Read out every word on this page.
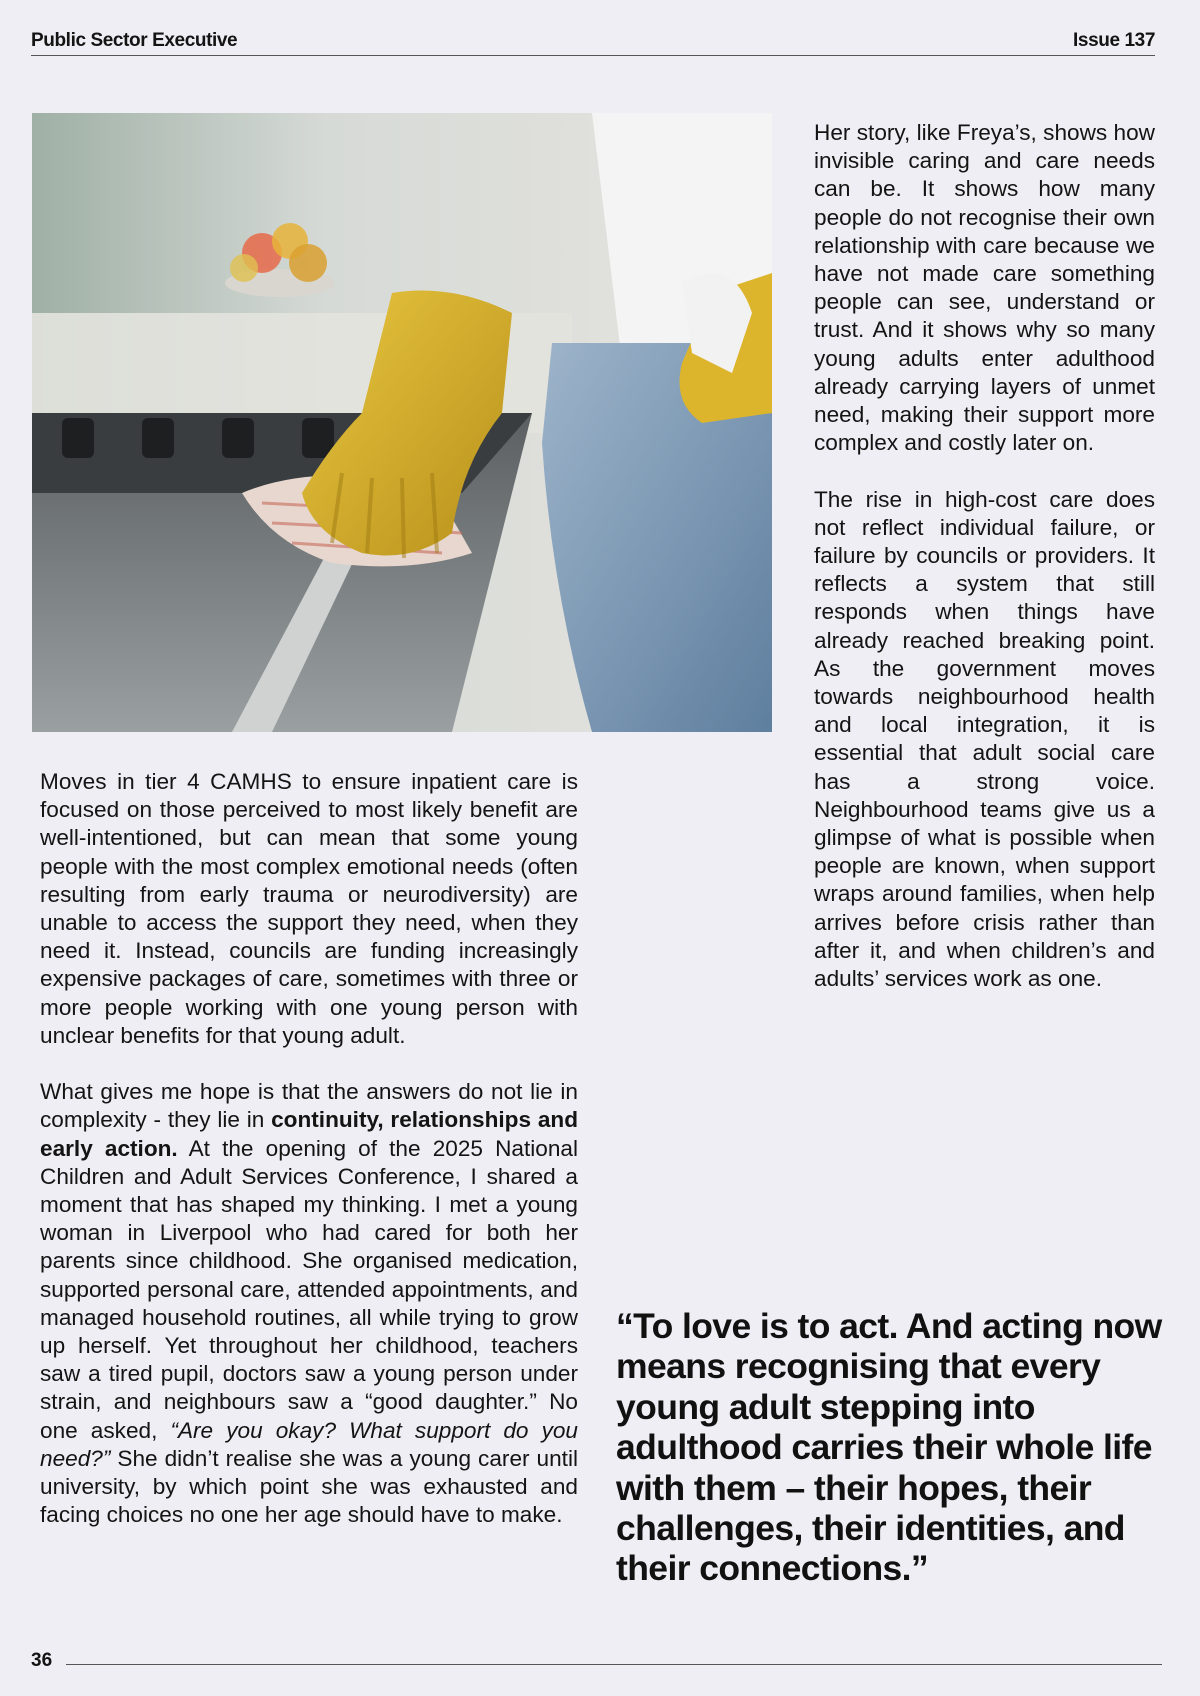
Public Sector Executive	Issue 137

Moves in tier 4 CAMHS to ensure inpatient care is focused on those perceived to most likely benefit are well-intentioned, but can mean that some young people with the most complex emotional needs (often resulting from early trauma or neurodiversity) are unable to access the support they need, when they need it. Instead, councils are funding increasingly expensive packages of care, sometimes with three or more people working with one young person with unclear benefits for that young adult.

What gives me hope is that the answers do not lie in complexity - they lie in continuity, relationships and early action. At the opening of the 2025 National Children and Adult Services Conference, I shared a moment that has shaped my thinking. I met a young woman in Liverpool who had cared for both her parents since childhood. She organised medication, supported personal care, attended appointments, and managed household routines, all while trying to grow up herself. Yet throughout her childhood, teachers saw a tired pupil, doctors saw a young person under strain, and neighbours saw a “good daughter.” No one asked, “Are you okay? What support do you need?” She didn’t realise she was a young carer until university, by which point she was exhausted and facing choices no one her age should have to make.

Her story, like Freya’s, shows how invisible caring and care needs can be. It shows how many people do not recognise their own relationship with care because we have not made care something people can see, understand or trust. And it shows why so many young adults enter adulthood already carrying layers of unmet need, making their support more complex and costly later on.

The rise in high-cost care does not reflect individual failure, or failure by councils or providers. It reflects a system that still responds when things have already reached breaking point. As the government moves towards neighbourhood health and local integration, it is essential that adult social care has a strong voice. Neighbourhood teams give us a glimpse of what is possible when people are known, when support wraps around families, when help arrives before crisis rather than after it, and when children’s and adults’ services work as one.

“To love is to act. And acting now means recognising that every young adult stepping into adulthood carries their whole life with them – their hopes, their challenges, their identities, and their connections.”
36
